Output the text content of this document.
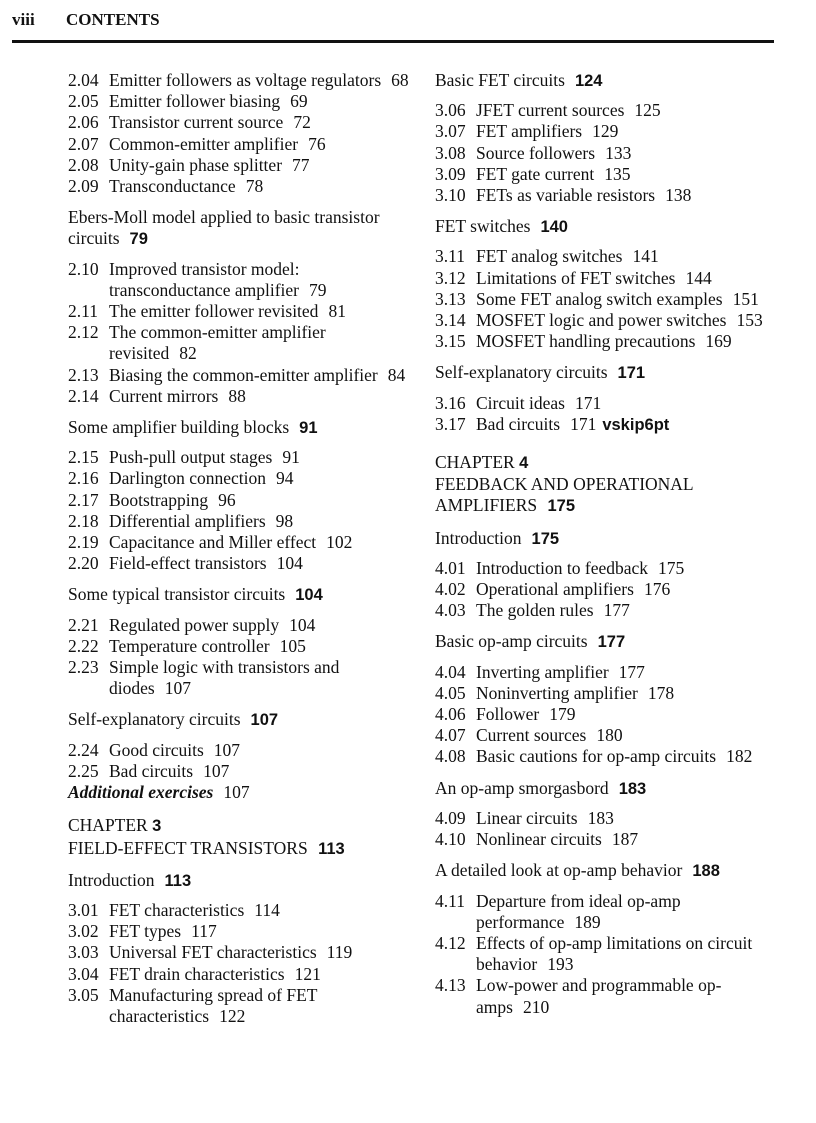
viii CONTENTS
2.04 Emitter followers as voltage regulators 68
2.05 Emitter follower biasing 69
2.06 Transistor current source 72
2.07 Common-emitter amplifier 76
2.08 Unity-gain phase splitter 77
2.09 Transconductance 78
Ebers-Moll model applied to basic transistor circuits 79
2.10 Improved transistor model: transconductance amplifier 79
2.11 The emitter follower revisited 81
2.12 The common-emitter amplifier revisited 82
2.13 Biasing the common-emitter amplifier 84
2.14 Current mirrors 88
Some amplifier building blocks 91
2.15 Push-pull output stages 91
2.16 Darlington connection 94
2.17 Bootstrapping 96
2.18 Differential amplifiers 98
2.19 Capacitance and Miller effect 102
2.20 Field-effect transistors 104
Some typical transistor circuits 104
2.21 Regulated power supply 104
2.22 Temperature controller 105
2.23 Simple logic with transistors and diodes 107
Self-explanatory circuits 107
2.24 Good circuits 107
2.25 Bad circuits 107
Additional exercises 107
CHAPTER 3
FIELD-EFFECT TRANSISTORS 113
Introduction 113
3.01 FET characteristics 114
3.02 FET types 117
3.03 Universal FET characteristics 119
3.04 FET drain characteristics 121
3.05 Manufacturing spread of FET characteristics 122
Basic FET circuits 124
3.06 JFET current sources 125
3.07 FET amplifiers 129
3.08 Source followers 133
3.09 FET gate current 135
3.10 FETs as variable resistors 138
FET switches 140
3.11 FET analog switches 141
3.12 Limitations of FET switches 144
3.13 Some FET analog switch examples 151
3.14 MOSFET logic and power switches 153
3.15 MOSFET handling precautions 169
Self-explanatory circuits 171
3.16 Circuit ideas 171
3.17 Bad circuits 171 vskip6pt
CHAPTER 4
FEEDBACK AND OPERATIONAL AMPLIFIERS 175
Introduction 175
4.01 Introduction to feedback 175
4.02 Operational amplifiers 176
4.03 The golden rules 177
Basic op-amp circuits 177
4.04 Inverting amplifier 177
4.05 Noninverting amplifier 178
4.06 Follower 179
4.07 Current sources 180
4.08 Basic cautions for op-amp circuits 182
An op-amp smorgasbord 183
4.09 Linear circuits 183
4.10 Nonlinear circuits 187
A detailed look at op-amp behavior 188
4.11 Departure from ideal op-amp performance 189
4.12 Effects of op-amp limitations on circuit behavior 193
4.13 Low-power and programmable op-amps 210
